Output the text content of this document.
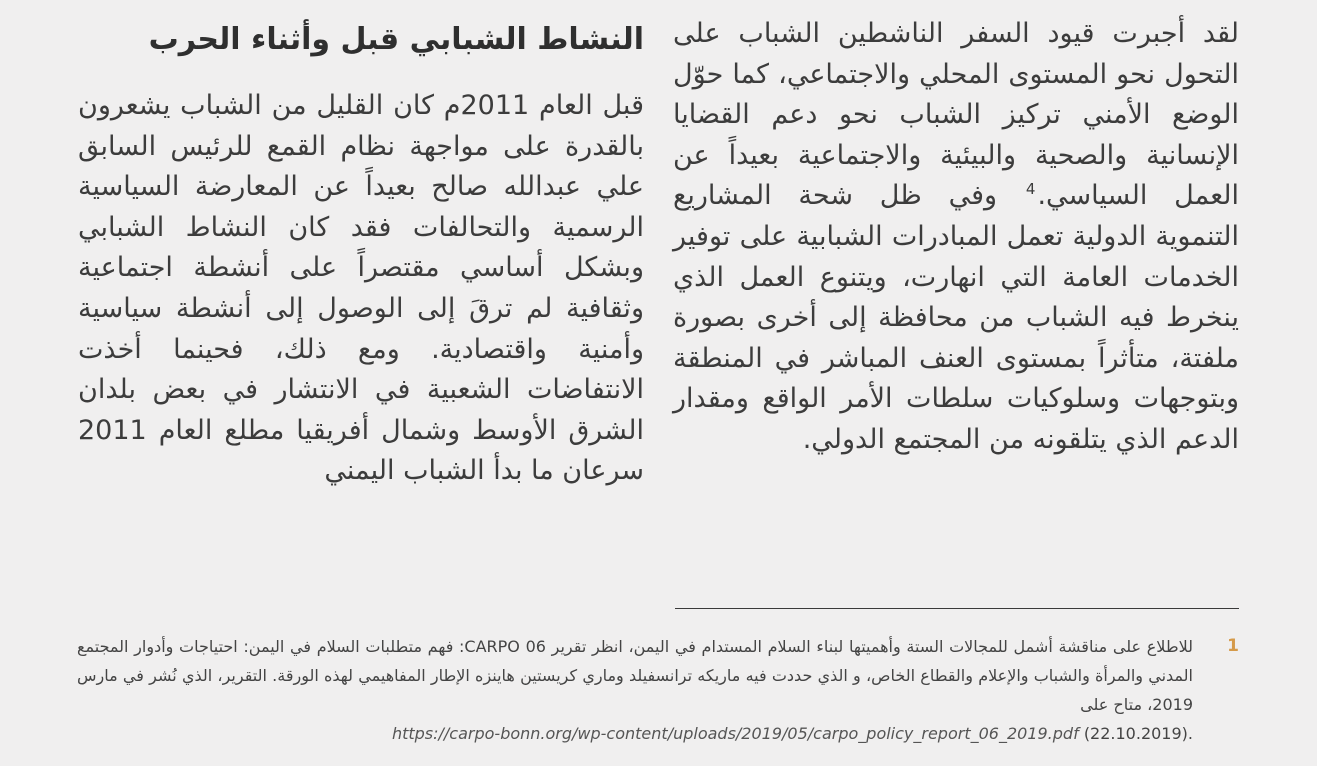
لقد أجبرت قيود السفر الناشطين الشباب على التحول نحو المستوى المحلي والاجتماعي، كما حوّل الوضع الأمني تركيز الشباب نحو دعم القضايا الإنسانية والصحية والبيئية والاجتماعية بعيداً عن العمل السياسي.$^4$ وفي ظل شحة المشاريع التنموية الدولية تعمل المبادرات الشبابية على توفير الخدمات العامة التي انهارت، ويتنوع العمل الذي ينخرط فيه الشباب من محافظة إلى أخرى بصورة ملفتة، متأثراً بمستوى العنف المباشر في المنطقة وبتوجهات وسلوكيات سلطات الأمر الواقع ومقدار الدعم الذي يتلقونه من المجتمع الدولي.

النشاط الشبابي قبل وأثناء الحرب

قبل العام 2011م كان القليل من الشباب يشعرون بالقدرة على مواجهة نظام القمع للرئيس السابق علي عبدالله صالح بعيداً عن المعارضة السياسية الرسمية والتحالفات فقد كان النشاط الشبابي وبشكل أساسي مقتصراً على أنشطة اجتماعية وثقافية لم ترقَ إلى الوصول إلى أنشطة سياسية وأمنية واقتصادية. ومع ذلك، فحينما أخذت الانتفاضات الشعبية في الانتشار في بعض بلدان الشرق الأوسط وشمال أفريقيا مطلع العام 2011 سرعان ما بدأ الشباب اليمني

1
للاطلاع على مناقشة أشمل للمجالات الستة وأهميتها لبناء السلام المستدام في اليمن، انظر تقرير CARPO 06: فهم متطلبات السلام في اليمن: احتياجات وأدوار المجتمع المدني والمرأة والشباب والإعلام والقطاع الخاص، و الذي حددت فيه ماريكه ترانسفيلد وماري كريستين هاينزه الإطار المفاهيمي لهذه الورقة. التقرير، الذي نُشر في مارس 2019، متاح على
https://carpo-bonn.org/wp-content/uploads/2019/05/carpo_policy_report_06_2019.pdf (22.10.2019).
